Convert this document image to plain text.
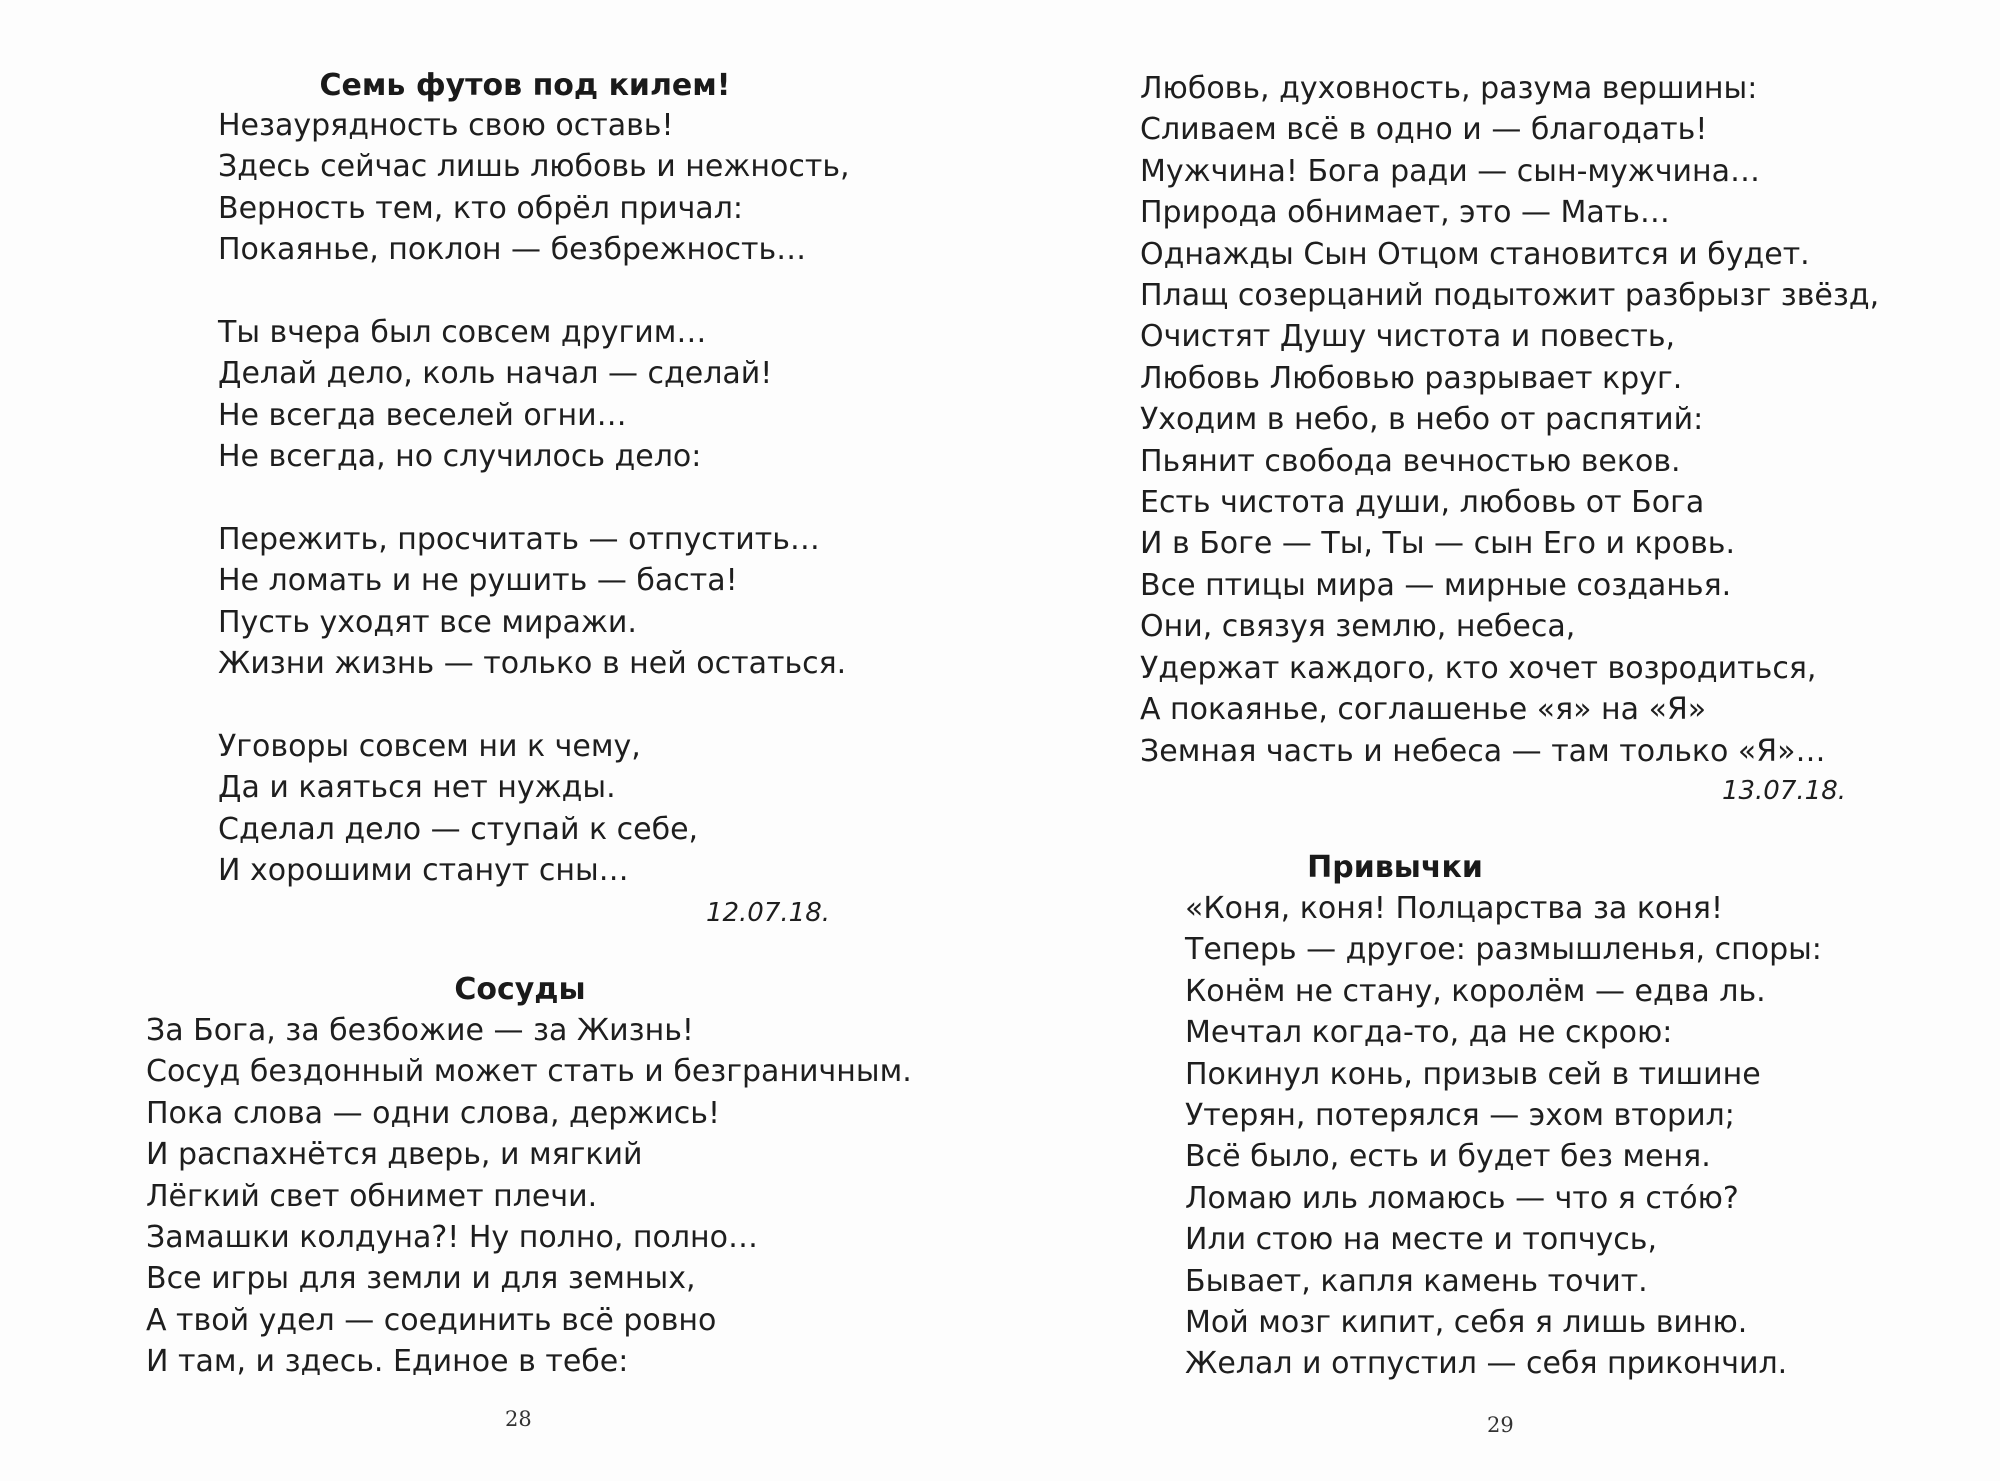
Семь футов под килем!

Незаурядность свою оставь!

Здесь сейчас лишь любовь и нежность,

Верность тем, кто обрёл причал:

Покаянье, поклон — безбрежность…

Ты вчера был совсем другим…

Делай дело, коль начал — сделай!

Не всегда веселей огни…

Не всегда, но случилось дело:

Пережить, просчитать — отпустить…

Не ломать и не рушить — баста!

Пусть уходят все миражи.

Жизни жизнь — только в ней остаться.

Уговоры совсем ни к чему,

Да и каяться нет нужды.

Сделал дело — ступай к себе,

И хорошими станут сны…

12.07.18.

Сосуды

За Бога, за безбожие — за Жизнь!

Сосуд бездонный может стать и безграничным.

Пока слова — одни слова, держись!

И распахнётся дверь, и мягкий

Лёгкий свет обнимет плечи.

Замашки колдуна?! Ну полно, полно…

Все игры для земли и для земных,

А твой удел — соединить всё ровно

И там, и здесь. Единое в тебе:

28

Любовь, духовность, разума вершины:

Сливаем всё в одно и — благодать!

Мужчина! Бога ради — сын-мужчина…

Природа обнимает, это — Мать…

Однажды Сын Отцом становится и будет.

Плащ созерцаний подытожит разбрызг звёзд,

Очистят Душу чистота и повесть,

Любовь Любовью разрывает круг.

Уходим в небо, в небо от распятий:

Пьянит свобода вечностью веков.

Есть чистота души, любовь от Бога

И в Боге — Ты, Ты — сын Его и кровь.

Все птицы мира — мирные созданья.

Они, связуя землю, небеса,

Удержат каждого, кто хочет возродиться,

А покаянье, соглашенье «я» на «Я»

Земная часть и небеса — там только «Я»…

13.07.18.

Привычки

«Коня, коня! Полцарства за коня!

Теперь — другое: размышленья, споры:

Конём не стану, королём — едва ль.

Мечтал когда-то, да не скрою:

Покинул конь, призыв сей в тишине

Утерян, потерялся — эхом вторил;

Всё было, есть и будет без меня.

Ломаю иль ломаюсь — что я сто́ю?

Или стою на месте и топчусь,

Бывает, капля камень точит.

Мой мозг кипит, себя я лишь виню.

Желал и отпустил — себя прикончил.

29
